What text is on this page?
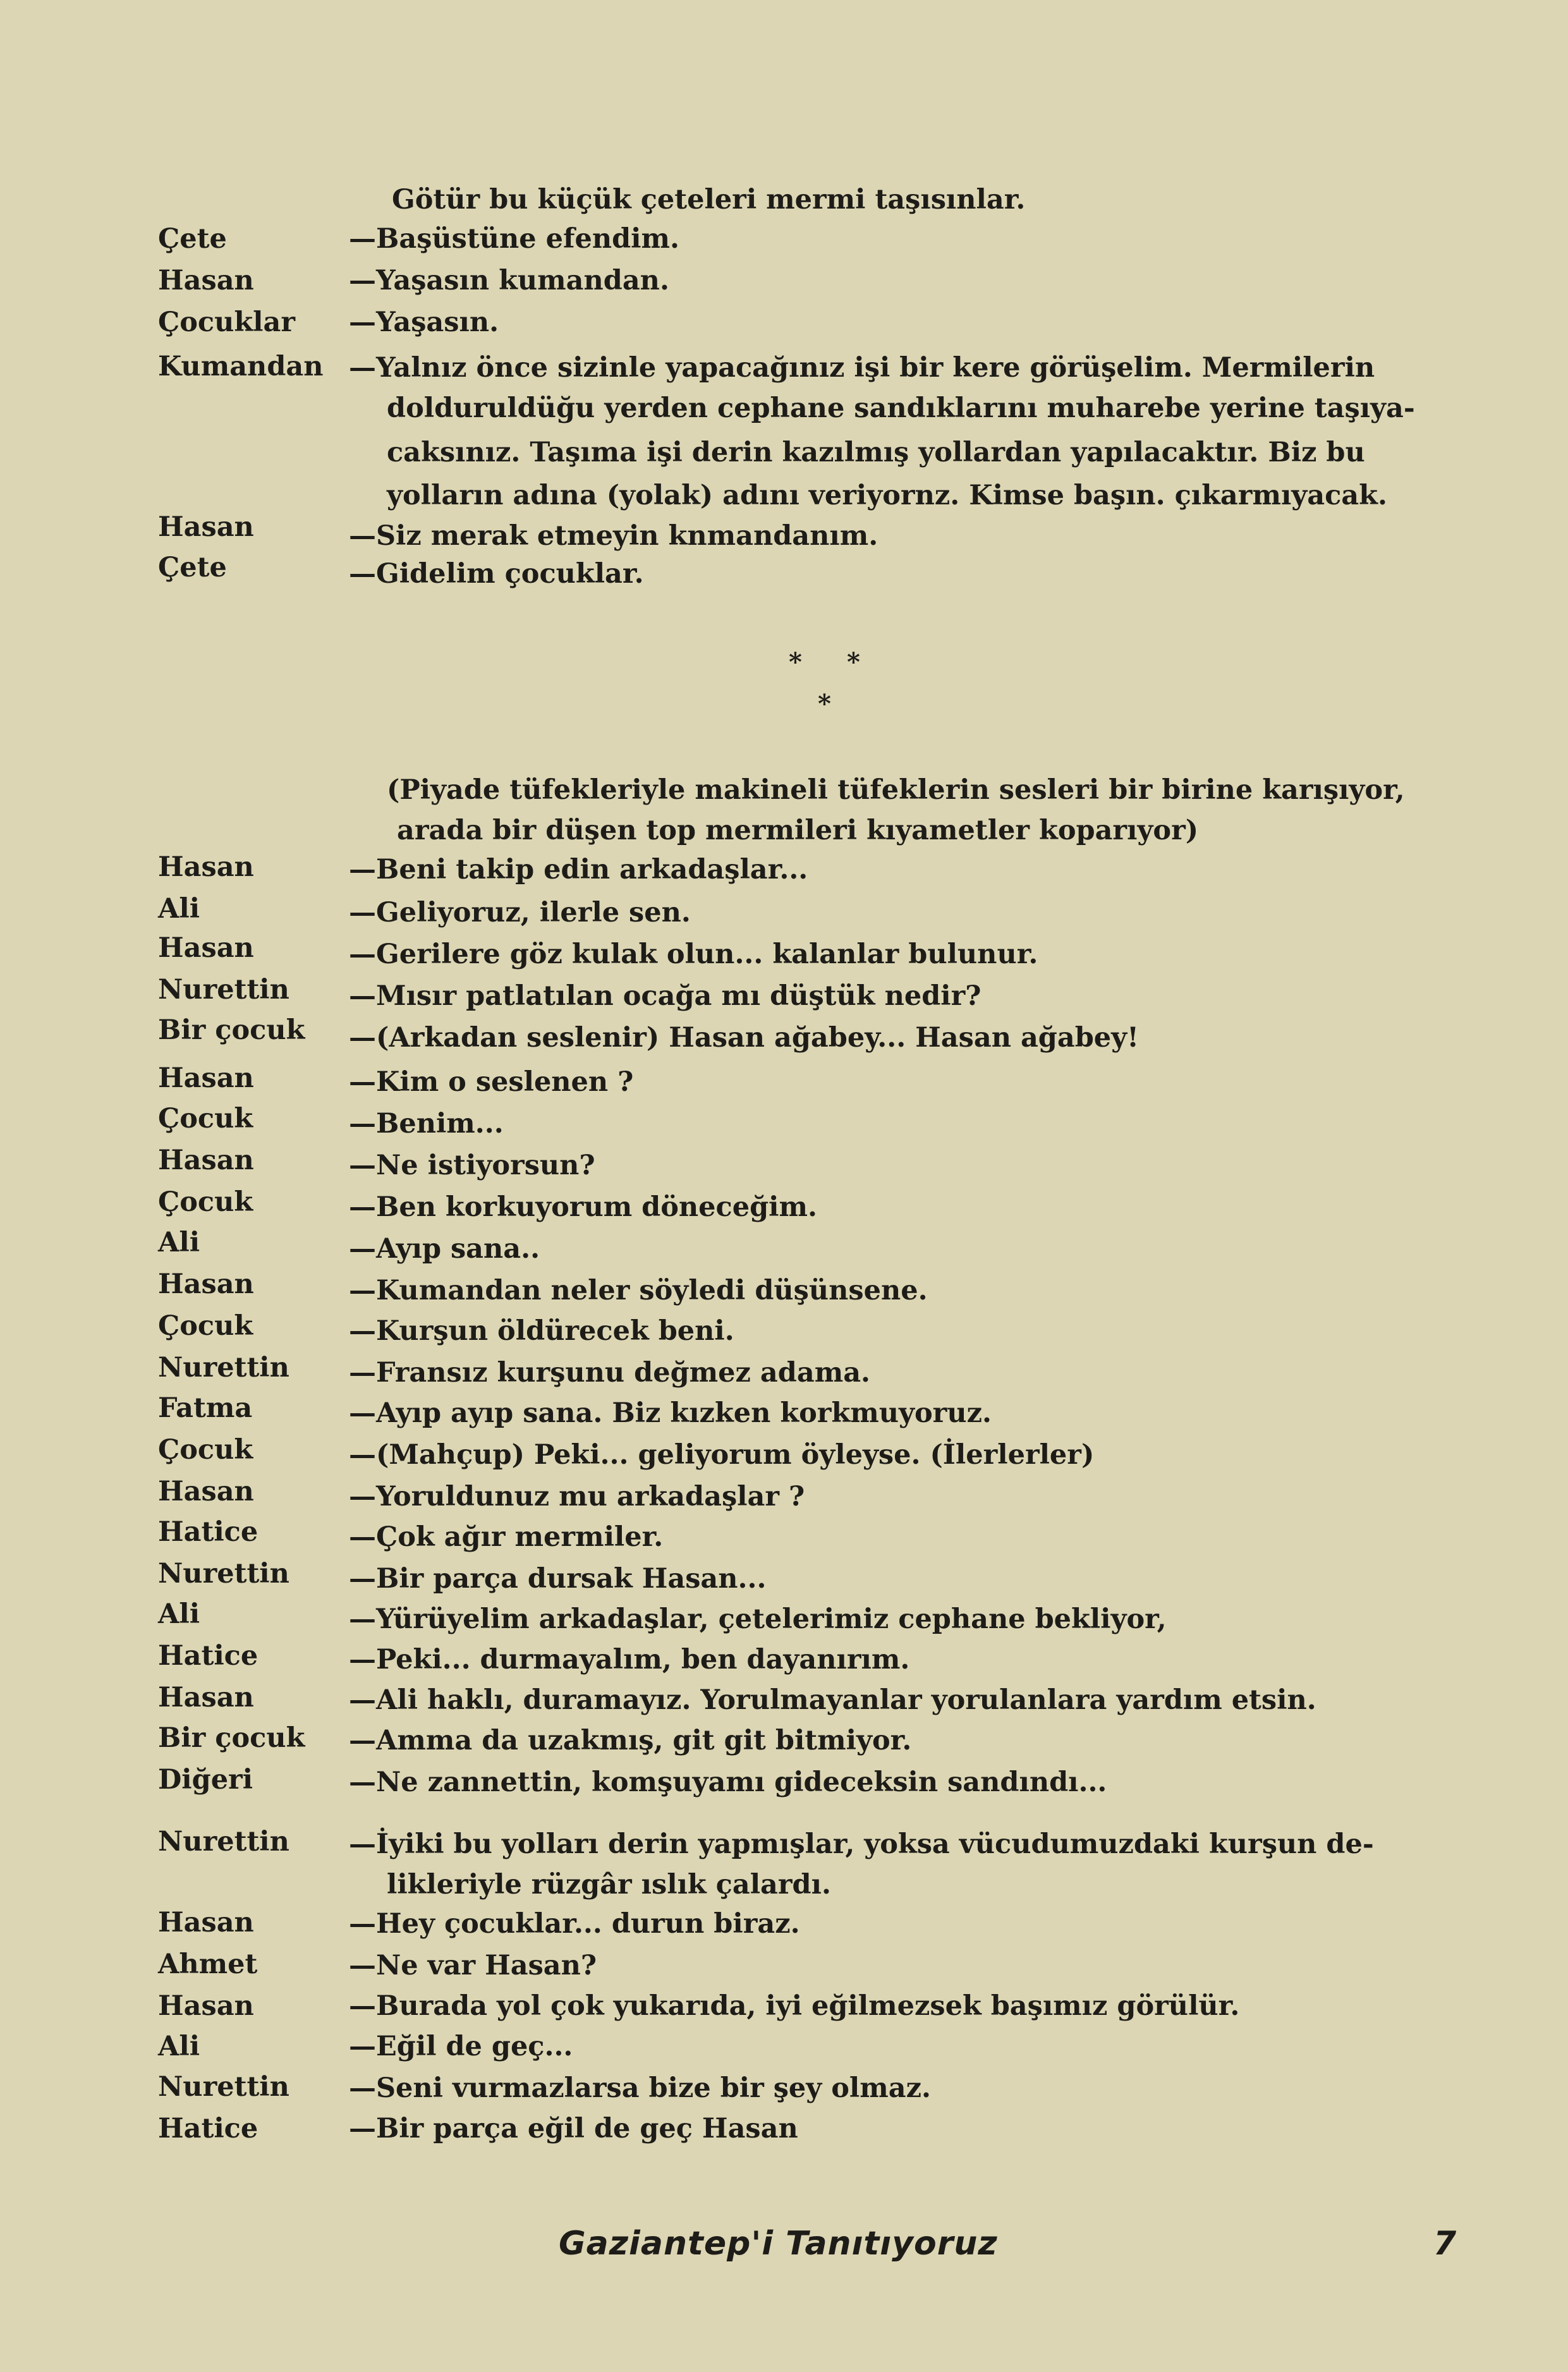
Götür bu küçük çeteleri mermi taşısınlar.
Çete	—Başüstüne efendim.
Hasan	—Yaşasın kumandan.
Çocuklar —Yaşasın.
Kumandan —Yalnız önce sizinle yapacağınız işi bir kere görüşelim. Mermilerin
dolduruldüğu yerden cephane sandıklarını muharebe yerine taşıya-
caksınız. Taşıma işi derin kazılmış yollardan yapılacaktır. Biz bu
yolların adına (yolak) adını veriyornz. Kimse başın. çıkarmıyacak.
Hasan	—Siz merak etmeyin knmandanım.
Çete	—Gidelim çocuklar.
* *
*
(Piyade tüfekleriyle makineli tüfeklerin sesleri bir birine karışıyor,
arada bir düşen top mermileri kıyametler koparıyor)
Hasan	—Beni takip edin arkadaşlar...
Ali	—Geliyoruz, ilerle sen.
Hasan	—Gerilere göz kulak olun... kalanlar bulunur.
Nurettin —Mısır patlatılan ocağa mı düştük nedir?
Bir çocuk —(Arkadan seslenir) Hasan ağabey... Hasan ağabey!
Hasan	—Kim o seslenen ?
Çocuk	—Benim...
Hasan	—Ne istiyorsun?
Çocuk	—Ben korkuyorum döneceğim.
Ali	—Ayıp sana..
Hasan	—Kumandan neler söyledi düşünsene.
Çocuk	—Kurşun öldürecek beni.
Nurettin —Fransız kurşunu değmez adama.
Fatma	—Ayıp ayıp sana. Biz kızken korkmuyoruz.
Çocuk	—(Mahçup) Peki... geliyorum öyleyse. (İlerlerler)
Hasan	—Yoruldunuz mu arkadaşlar ?
Hatice	—Çok ağır mermiler.
Nurettin —Bir parça dursak Hasan...
Ali	—Yürüyelim arkadaşlar, çetelerimiz cephane bekliyor,
Hatice	—Peki... durmayalım, ben dayanırım.
Hasan	—Ali haklı, duramayız. Yorulmayanlar yorulanlara yardım etsin.
Bir çocuk —Amma da uzakmış, git git bitmiyor.
Diğeri	—Ne zannettin, komşuyamı gideceksin sandındı...
Nurettin —İyiki bu yolları derin yapmışlar, yoksa vücudumuzdaki kurşun de-
likleriyle rüzgâr ıslık çalardı.
Hasan	—Hey çocuklar... durun biraz.
Ahmet	—Ne var Hasan?
Hasan	—Burada yol çok yukarıda, iyi eğilmezsek başımız görülür.
Ali	—Eğil de geç...
Nurettin —Seni vurmazlarsa bize bir şey olmaz.
Hatice	—Bir parça eğil de geç Hasan
Gaziantep'i Tanıtıyoruz	7
